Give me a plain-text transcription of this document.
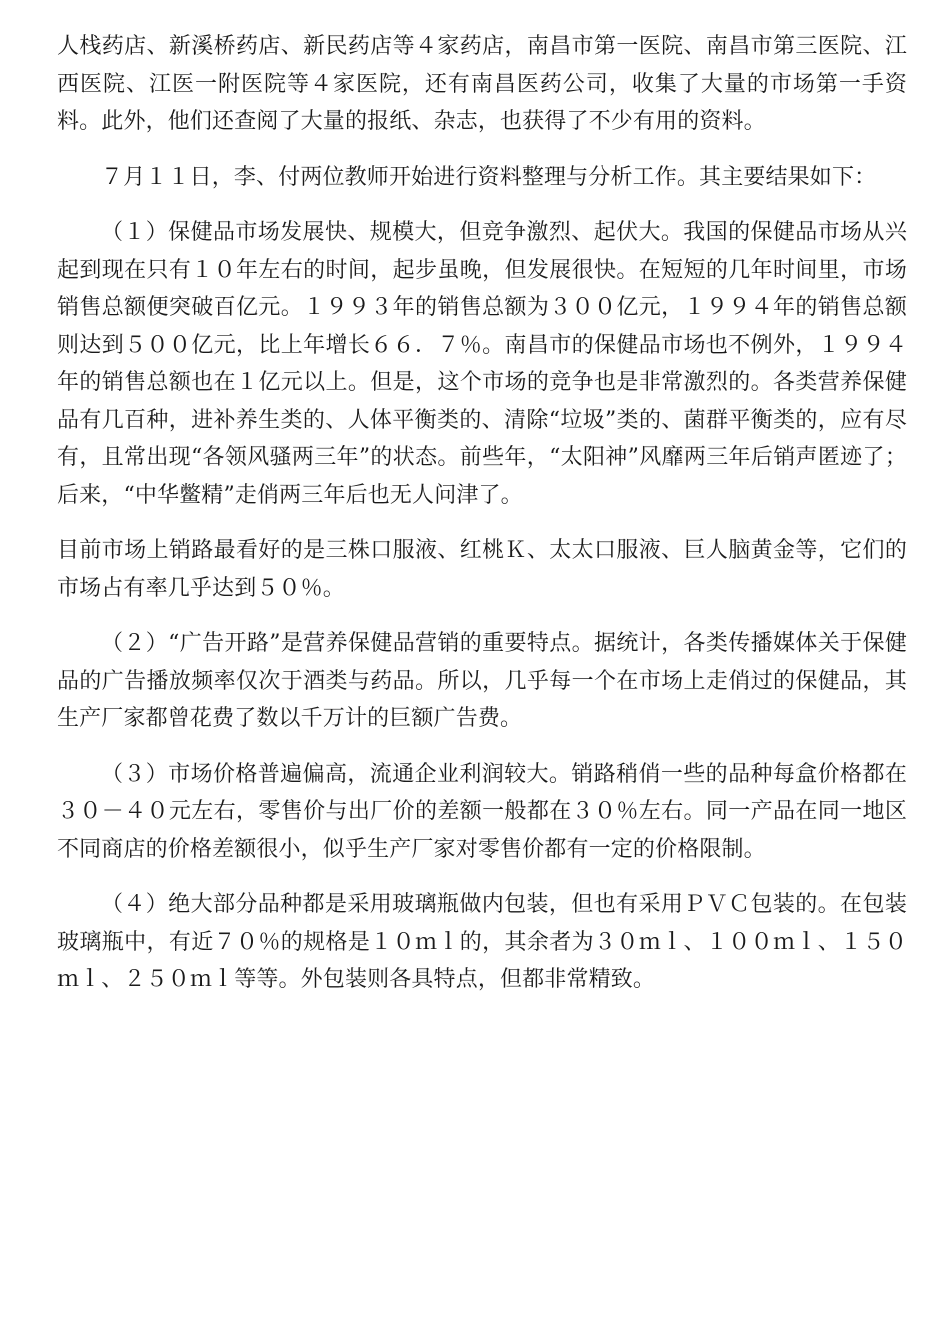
人栈药店、新溪桥药店、新民药店等４家药店，南昌市第一医院、南昌市第三医院、江西医院、江医一附医院等４家医院，还有南昌医药公司，收集了大量的市场第一手资料。此外，他们还查阅了大量的报纸、杂志，也获得了不少有用的资料。

７月１１日，李、付两位教师开始进行资料整理与分析工作。其主要结果如下：

（１）保健品市场发展快、规模大，但竞争激烈、起伏大。我国的保健品市场从兴起到现在只有１０年左右的时间，起步虽晚，但发展很快。在短短的几年时间里，市场销售总额便突破百亿元。１９９３年的销售总额为３００亿元，１９９４年的销售总额则达到５００亿元，比上年增长６６．７％。南昌市的保健品市场也不例外，１９９４年的销售总额也在１亿元以上。但是，这个市场的竞争也是非常激烈的。各类营养保健品有几百种，进补养生类的、人体平衡类的、清除“垃圾”类的、菌群平衡类的，应有尽有，且常出现“各领风骚两三年”的状态。前些年，“太阳神”风靡两三年后销声匿迹了；后来，“中华鳖精”走俏两三年后也无人问津了。

目前市场上销路最看好的是三株口服液、红桃Ｋ、太太口服液、巨人脑黄金等，它们的市场占有率几乎达到５０％。

（２）“广告开路”是营养保健品营销的重要特点。据统计，各类传播媒体关于保健品的广告播放频率仅次于酒类与药品。所以，几乎每一个在市场上走俏过的保健品，其生产厂家都曾花费了数以千万计的巨额广告费。

（３）市场价格普遍偏高，流通企业利润较大。销路稍俏一些的品种每盒价格都在３０－４０元左右，零售价与出厂价的差额一般都在３０％左右。同一产品在同一地区不同商店的价格差额很小，似乎生产厂家对零售价都有一定的价格限制。

（４）绝大部分品种都是采用玻璃瓶做内包装，但也有采用ＰＶＣ包装的。在包装玻璃瓶中，有近７０％的规格是１０ｍｌ的，其余者为３０ｍｌ、１００ｍｌ、１５０ｍｌ、２５０ｍｌ等等。外包装则各具特点，但都非常精致。
